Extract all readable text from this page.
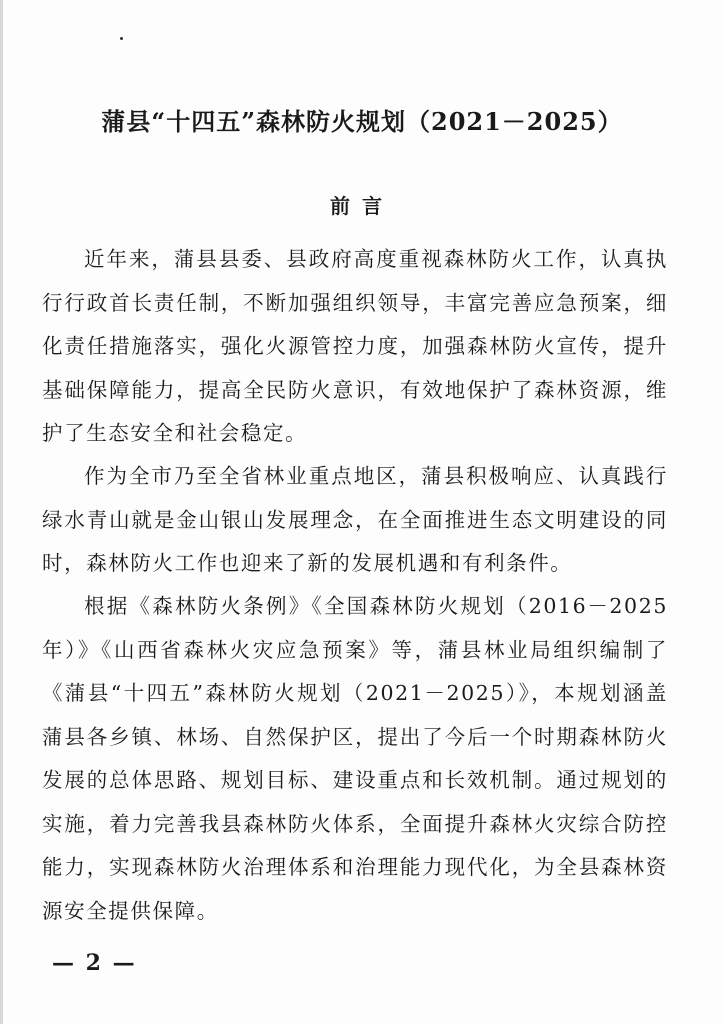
蒲县“十四五”森林防火规划（2021－2025）
前言

近年来，蒲县县委、县政府高度重视森林防火工作，认真执行行政首长责任制，不断加强组织领导，丰富完善应急预案，细化责任措施落实，强化火源管控力度，加强森林防火宣传，提升基础保障能力，提高全民防火意识，有效地保护了森林资源，维护了生态安全和社会稳定。

作为全市乃至全省林业重点地区，蒲县积极响应、认真践行绿水青山就是金山银山发展理念，在全面推进生态文明建设的同时，森林防火工作也迎来了新的发展机遇和有利条件。

根据《森林防火条例》《全国森林防火规划（2016－2025年）》《山西省森林火灾应急预案》等，蒲县林业局组织编制了《蒲县“十四五”森林防火规划（2021－2025）》，本规划涵盖蒲县各乡镇、林场、自然保护区，提出了今后一个时期森林防火发展的总体思路、规划目标、建设重点和长效机制。通过规划的实施，着力完善我县森林防火体系，全面提升森林火灾综合防控能力，实现森林防火治理体系和治理能力现代化，为全县森林资源安全提供保障。

— 2 —
